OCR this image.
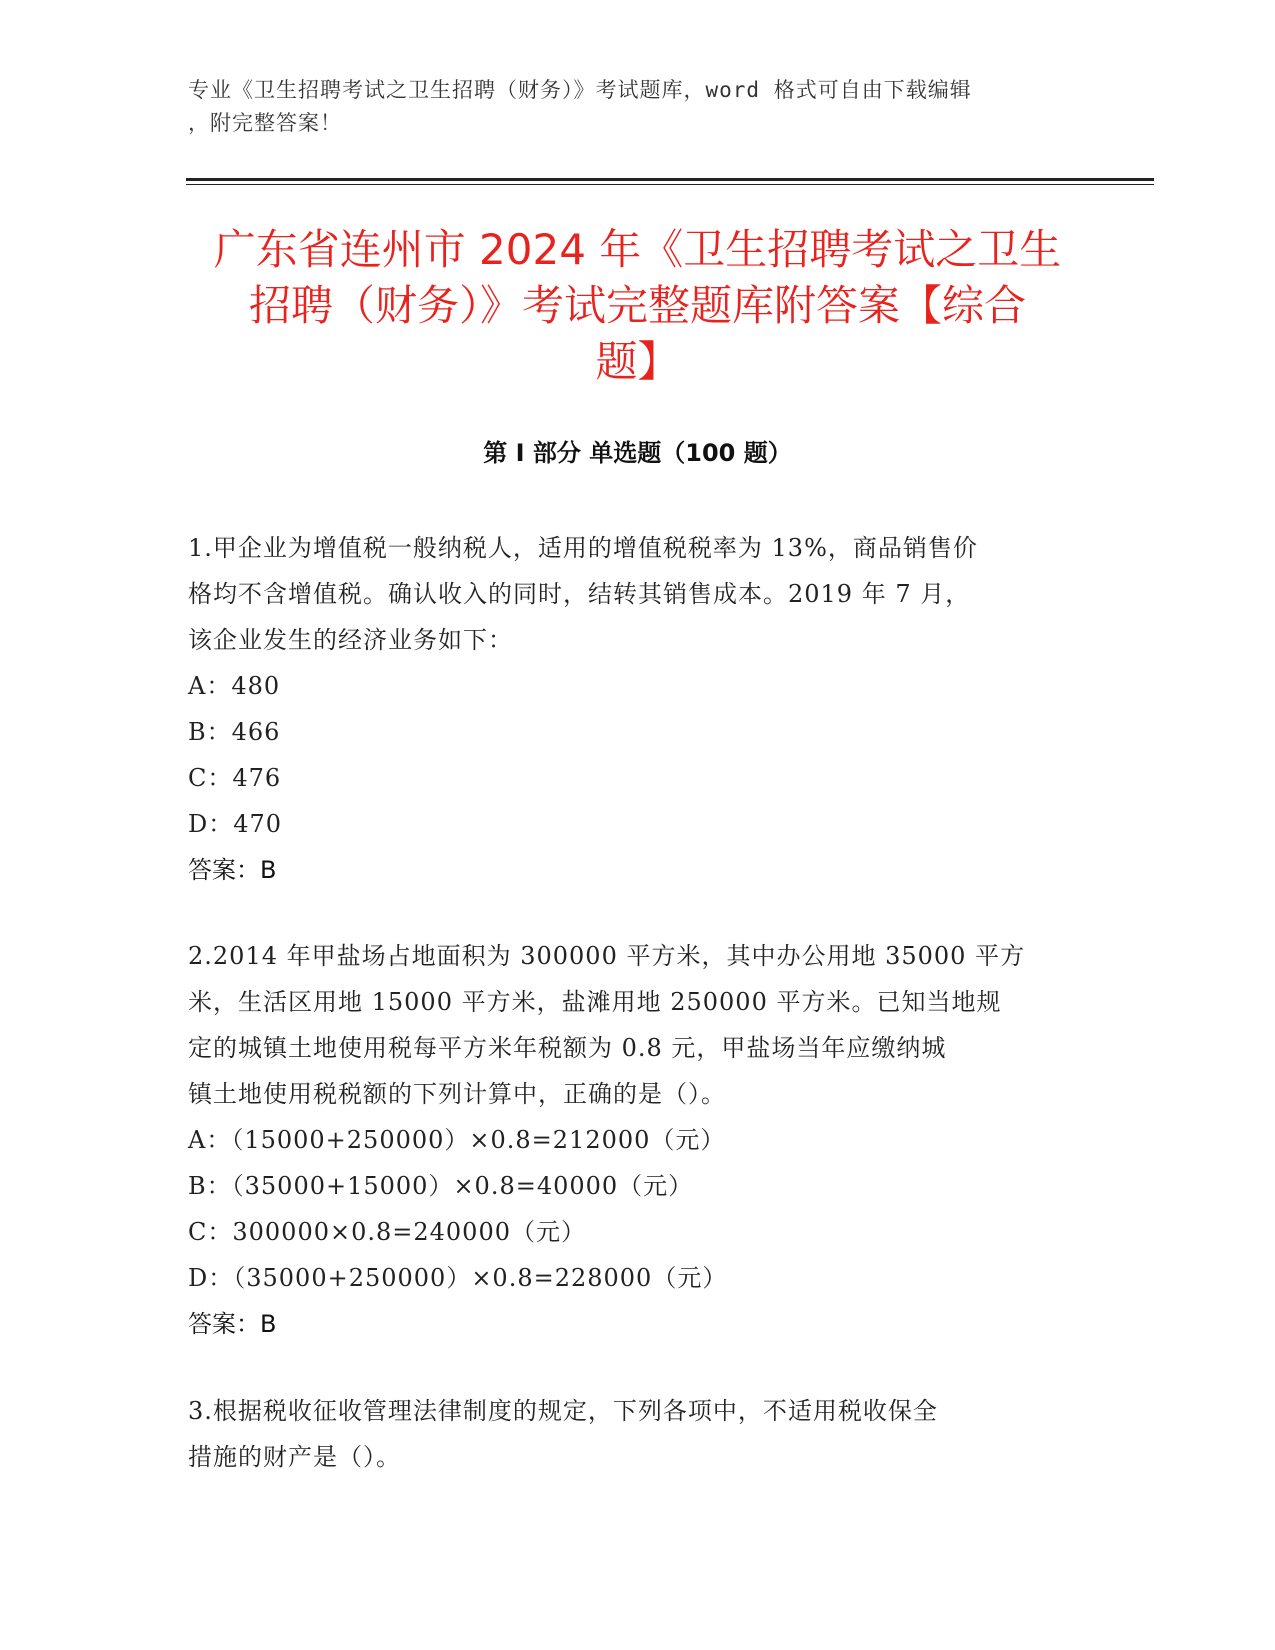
专业《卫生招聘考试之卫生招聘（财务）》考试题库，word 格式可自由下载编辑
，附完整答案！
广东省连州市 2024 年《卫生招聘考试之卫生
招聘（财务）》考试完整题库附答案【综合
题】
第 I 部分 单选题（100 题）

1.甲企业为增值税一般纳税人，适用的增值税税率为 13%，商品销售价

格均不含增值税。确认收入的同时，结转其销售成本。2019 年 7 月，

该企业发生的经济业务如下：

A：480

B：466

C：476

D：470

答案：B

2.2014 年甲盐场占地面积为 300000 平方米，其中办公用地 35000 平方

米，生活区用地 15000 平方米，盐滩用地 250000 平方米。已知当地规

定的城镇土地使用税每平方米年税额为 0.8 元，甲盐场当年应缴纳城

镇土地使用税税额的下列计算中，正确的是（）。

A：（15000+250000）×0.8=212000（元）

B：（35000+15000）×0.8=40000（元）

C：300000×0.8=240000（元）

D：（35000+250000）×0.8=228000（元）

答案：B

3.根据税收征收管理法律制度的规定，下列各项中，不适用税收保全

措施的财产是（）。
